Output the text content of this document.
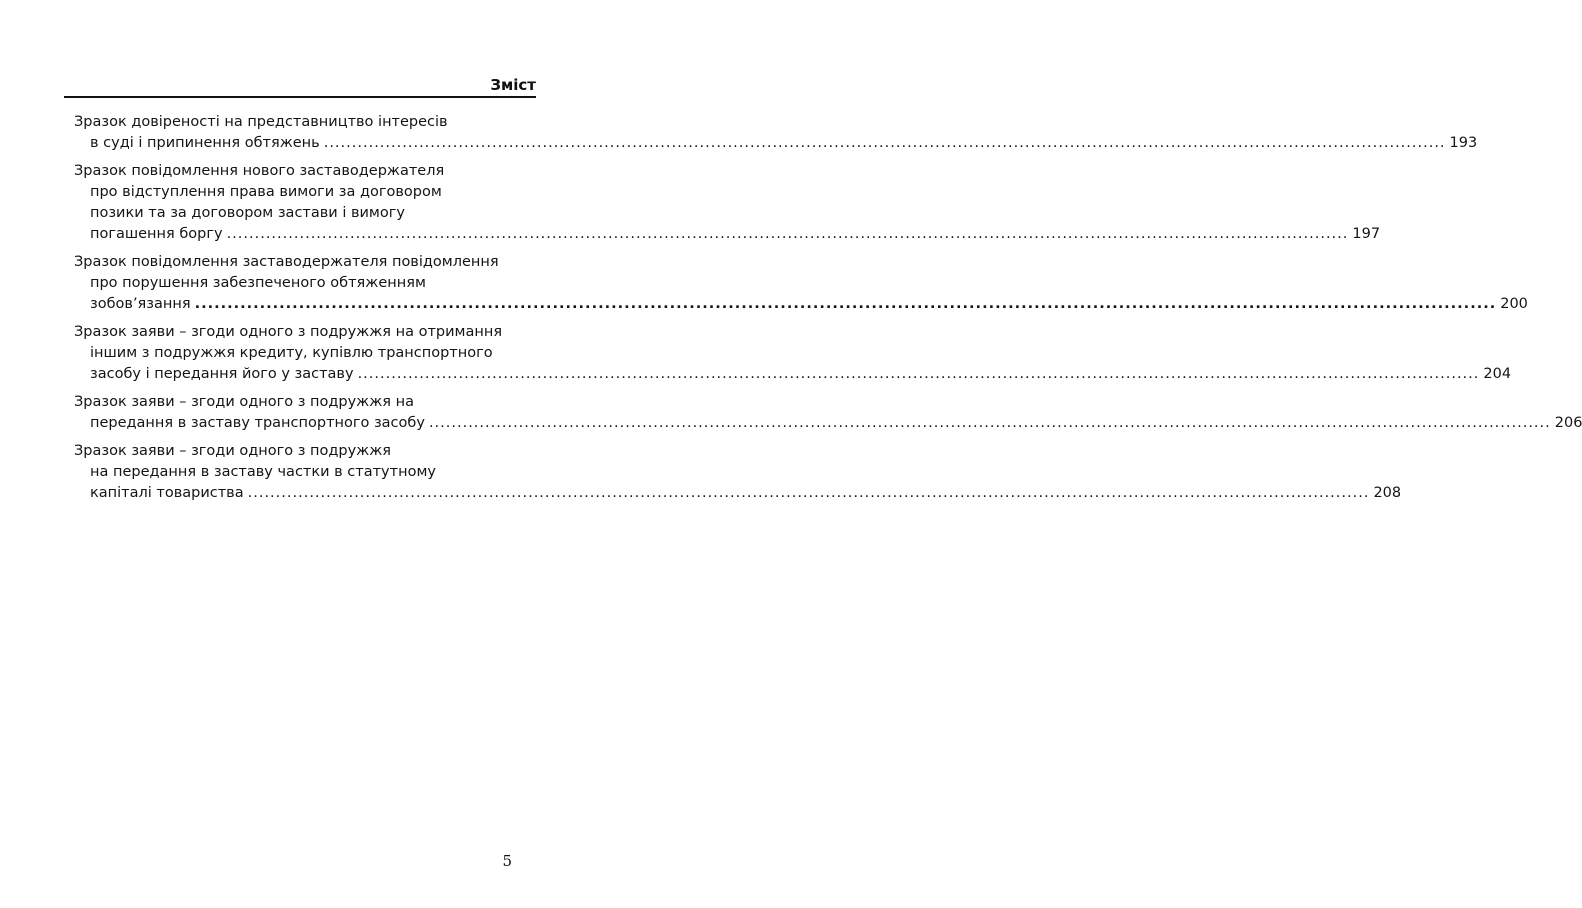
Зміст
Зразок довіреності на представництво інтересів
в суді і припинення обтяжень ........................................................................................................................................................................................................ 193
Зразок повідомлення нового заставодержателя
про відступлення права вимоги за договором
позики та за договором застави і вимогу
погашення боргу ........................................................................................................................................................................................................ 197
Зразок повідомлення заставодержателя повідомлення
про порушення забезпеченого обтяженням
зобов’язання ........................................................................................................................................................................................................ 200
Зразок заяви – згоди одного з подружжя на отримання
іншим з подружжя кредиту, купівлю транспортного
засобу і передання його у заставу ........................................................................................................................................................................................................ 204
Зразок заяви – згоди одного з подружжя на
передання в заставу транспортного засобу ........................................................................................................................................................................................................ 206
Зразок заяви – згоди одного з подружжя
на передання в заставу частки в статутному
капіталі товариства ........................................................................................................................................................................................................ 208
5
